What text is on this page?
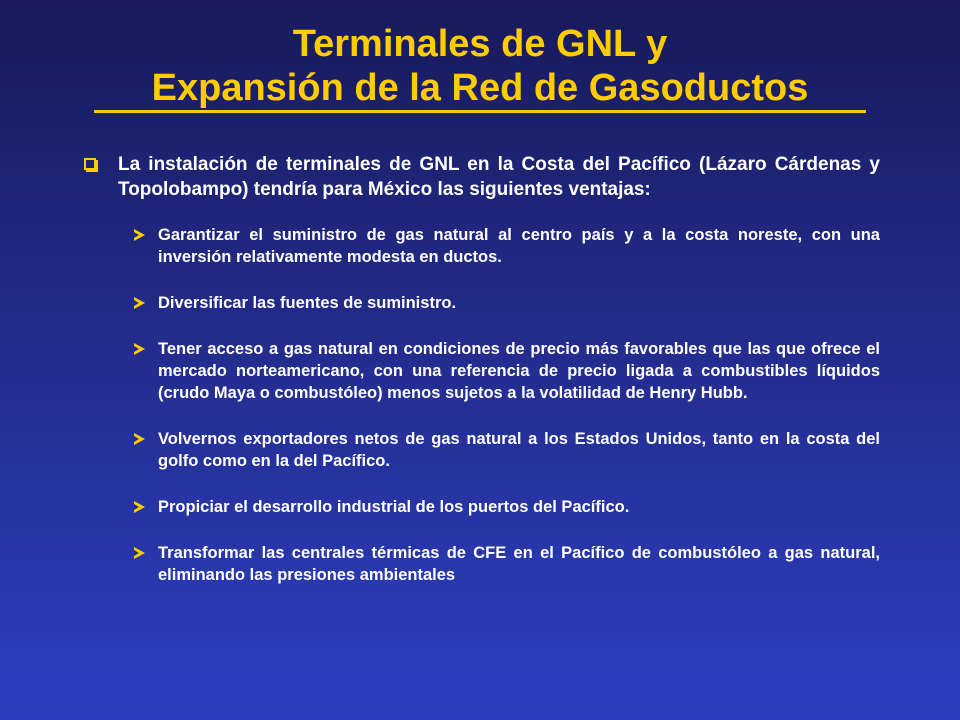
Terminales de GNL y
Expansión de la Red de Gasoductos
La instalación de terminales de GNL en la Costa del Pacífico (Lázaro Cárdenas y Topolobampo) tendría para México las siguientes ventajas:
Garantizar el suministro de gas natural al centro país y a la costa noreste, con una inversión relativamente modesta en ductos.
Diversificar las fuentes de suministro.
Tener acceso a gas natural en condiciones de precio más favorables que las que ofrece el mercado norteamericano, con una referencia de precio ligada a combustibles líquidos (crudo Maya o combustóleo) menos sujetos a la volatilidad de Henry Hubb.
Volvernos exportadores netos de gas natural a los Estados Unidos, tanto en la costa del golfo como en la del Pacífico.
Propiciar el desarrollo industrial de los puertos del Pacífico.
Transformar las centrales térmicas de CFE en el Pacífico de combustóleo a gas natural, eliminando las presiones ambientales
